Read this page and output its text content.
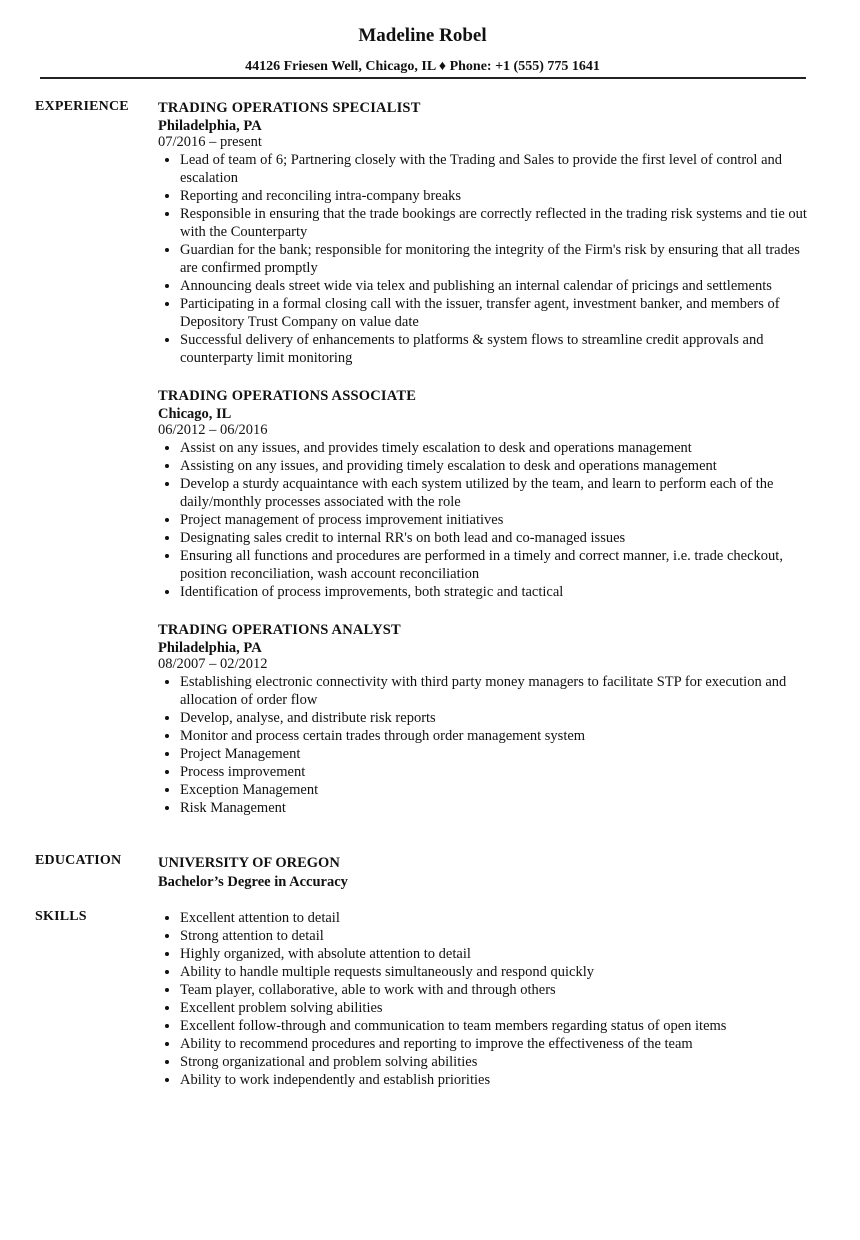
Madeline Robel
44126 Friesen Well, Chicago, IL ♦ Phone: +1 (555) 775 1641
EXPERIENCE TRADING OPERATIONS SPECIALIST
Philadelphia, PA
07/2016 – present
• Lead of team of 6; Partnering closely with the Trading and Sales to provide the first level of control and escalation
• Reporting and reconciling intra-company breaks
• Responsible in ensuring that the trade bookings are correctly reflected in the trading risk systems and tie out with the Counterparty
• Guardian for the bank; responsible for monitoring the integrity of the Firm's risk by ensuring that all trades are confirmed promptly
• Announcing deals street wide via telex and publishing an internal calendar of pricings and settlements
• Participating in a formal closing call with the issuer, transfer agent, investment banker, and members of Depository Trust Company on value date
• Successful delivery of enhancements to platforms & system flows to streamline credit approvals and counterparty limit monitoring
TRADING OPERATIONS ASSOCIATE
Chicago, IL
06/2012 – 06/2016
• Assist on any issues, and provides timely escalation to desk and operations management
• Assisting on any issues, and providing timely escalation to desk and operations management
• Develop a sturdy acquaintance with each system utilized by the team, and learn to perform each of the daily/monthly processes associated with the role
• Project management of process improvement initiatives
• Designating sales credit to internal RR's on both lead and co-managed issues
• Ensuring all functions and procedures are performed in a timely and correct manner, i.e. trade checkout, position reconciliation, wash account reconciliation
• Identification of process improvements, both strategic and tactical
TRADING OPERATIONS ANALYST
Philadelphia, PA
08/2007 – 02/2012
• Establishing electronic connectivity with third party money managers to facilitate STP for execution and allocation of order flow
• Develop, analyse, and distribute risk reports
• Monitor and process certain trades through order management system
• Project Management
• Process improvement
• Exception Management
• Risk Management
EDUCATION	UNIVERSITY OF OREGON
Bachelor’s Degree in Accuracy
SKILLS
•	Excellent attention to detail
• Strong attention to detail
• Highly organized, with absolute attention to detail
• Ability to handle multiple requests simultaneously and respond quickly
• Team player, collaborative, able to work with and through others
• Excellent problem solving abilities
• Excellent follow-through and communication to team members regarding status of open items
• Ability to recommend procedures and reporting to improve the effectiveness of the team
• Strong organizational and problem solving abilities
• Ability to work independently and establish priorities
